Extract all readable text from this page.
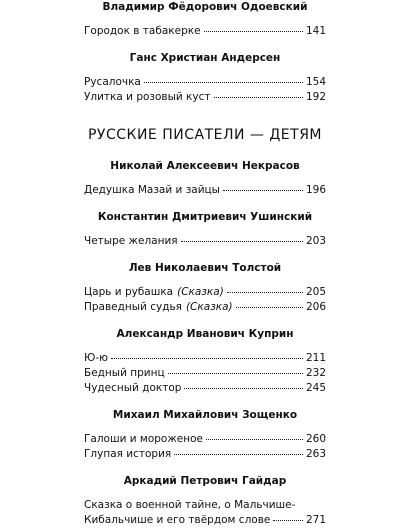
Владимир Фёдорович Одоевский
Городок в табакерке	141
Ганс Христиан Андерсен
Русалочка	154
Улитка и розовый куст	192
РУССКИЕ ПИСАТЕЛИ — ДЕТЯМ
Николай Алексеевич Некрасов
Дедушка Мазай и зайцы	196
Константин Дмитриевич Ушинский
Четыре желания	203
Лев Николаевич Толстой
Царь и рубашка (Сказка)	205
Праведный судья (Сказка)	206
Александр Иванович Куприн
Ю-ю	211
Бедный принц	232
Чудесный доктор	245
Михаил Михайлович Зощенко
Галоши и мороженое	260
Глупая история	263
Аркадий Петрович Гайдар
Сказка о военной тайне, о Мальчише-
Кибальчише и его твёрдом слове	271
